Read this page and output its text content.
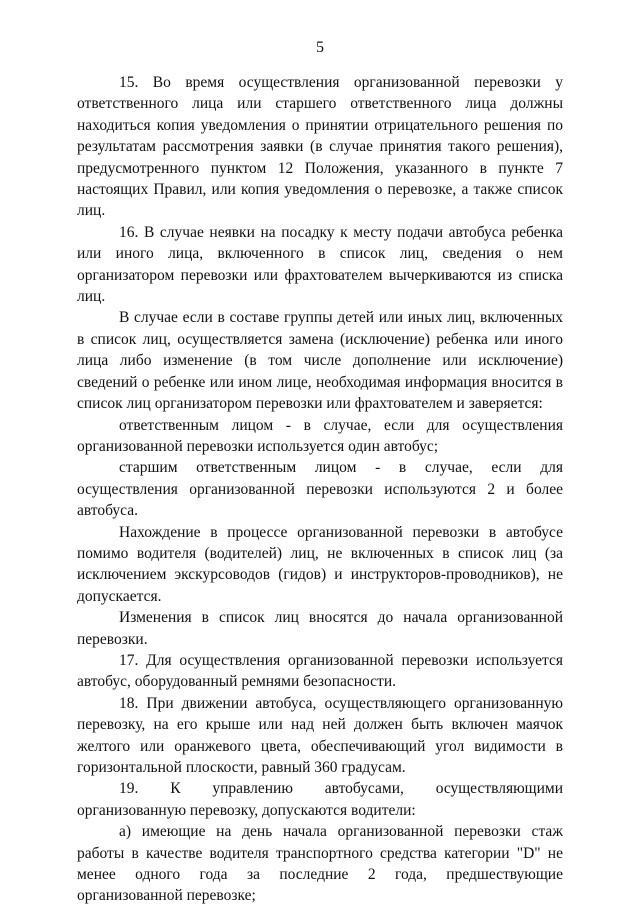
5

15. Во время осуществления организованной перевозки у ответственного лица или старшего ответственного лица должны находиться копия уведомления о принятии отрицательного решения по результатам рассмотрения заявки (в случае принятия такого решения), предусмотренного пунктом 12 Положения, указанного в пункте 7 настоящих Правил, или копия уведомления о перевозке, а также список лиц.

16. В случае неявки на посадку к месту подачи автобуса ребенка или иного лица, включенного в список лиц, сведения о нем организатором перевозки или фрахтователем вычеркиваются из списка лиц.

В случае если в составе группы детей или иных лиц, включенных в список лиц, осуществляется замена (исключение) ребенка или иного лица либо изменение (в том числе дополнение или исключение) сведений о ребенке или ином лице, необходимая информация вносится в список лиц организатором перевозки или фрахтователем и заверяется:

ответственным лицом - в случае, если для осуществления организованной перевозки используется один автобус;

старшим ответственным лицом - в случае, если для осуществления организованной перевозки используются 2 и более автобуса.

Нахождение в процессе организованной перевозки в автобусе помимо водителя (водителей) лиц, не включенных в список лиц (за исключением экскурсоводов (гидов) и инструкторов-проводников), не допускается.

Изменения в список лиц вносятся до начала организованной перевозки.

17. Для осуществления организованной перевозки используется автобус, оборудованный ремнями безопасности.

18. При движении автобуса, осуществляющего организованную перевозку, на его крыше или над ней должен быть включен маячок желтого или оранжевого цвета, обеспечивающий угол видимости в горизонтальной плоскости, равный 360 градусам.

19. К управлению автобусами, осуществляющими организованную перевозку, допускаются водители:

а) имеющие на день начала организованной перевозки стаж работы в качестве водителя транспортного средства категории "D" не менее одного года за последние 2 года, предшествующие организованной перевозке;
